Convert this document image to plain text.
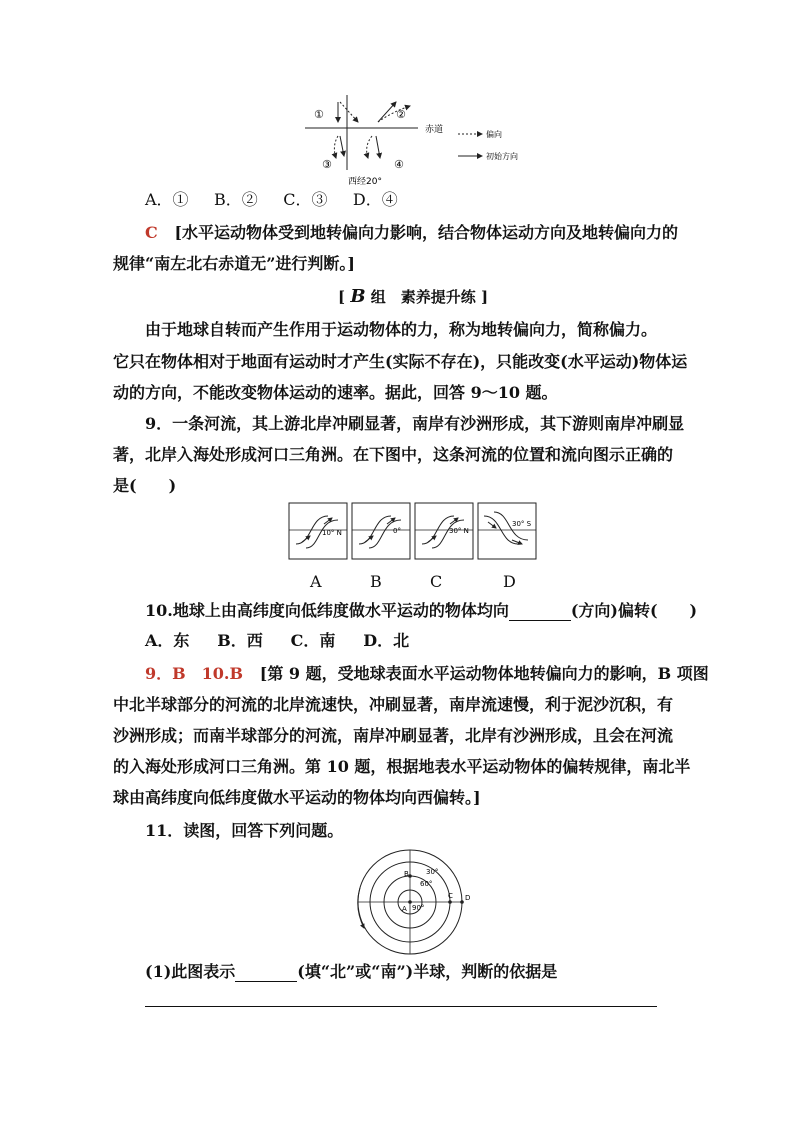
①	②
③	④
赤道
西经20°
偏向
初始方向
A．① B．② C．③ D．④
C [水平运动物体受到地转偏向力影响，结合物体运动方向及地转偏向力的
规律“南左北右赤道无”进行判断。]
[ B 组　素养提升练 ]
由于地球自转而产生作用于运动物体的力，称为地转偏向力，简称偏力。
它只在物体相对于地面有运动时才产生(实际不存在)，只能改变(水平运动)物体运
动的方向，不能改变物体运动的速率。据此，回答 9～10 题。
9．一条河流，其上游北岸冲刷显著，南岸有沙洲形成，其下游则南岸冲刷显
著，北岸入海处形成河口三角洲。在下图中，这条河流的位置和流向图示正确的
是(　　)
10° N	0°	30° N
30° S
A	B	C	D
10.地球上由高纬度向低纬度做水平运动的物体均向	(方向)偏转(　　)
A．东 B．西 C．南 D．北
9．B　10.B [第 9 题，受地球表面水平运动物体地转偏向力的影响，B 项图
中北半球部分的河流的北岸流速快，冲刷显著，南岸流速慢，利于泥沙沉积，有
沙洲形成；而南半球部分的河流，南岸冲刷显著，北岸有沙洲形成，且会在河流
的入海处形成河口三角洲。第 10 题，根据地表水平运动物体的偏转规律，南北半
球由高纬度向低纬度做水平运动的物体均向西偏转。]
11．读图，回答下列问题。
A 90°
B 30°
60°
C D
(1)此图表示	(填“北”或“南”)半球，判断的依据是
